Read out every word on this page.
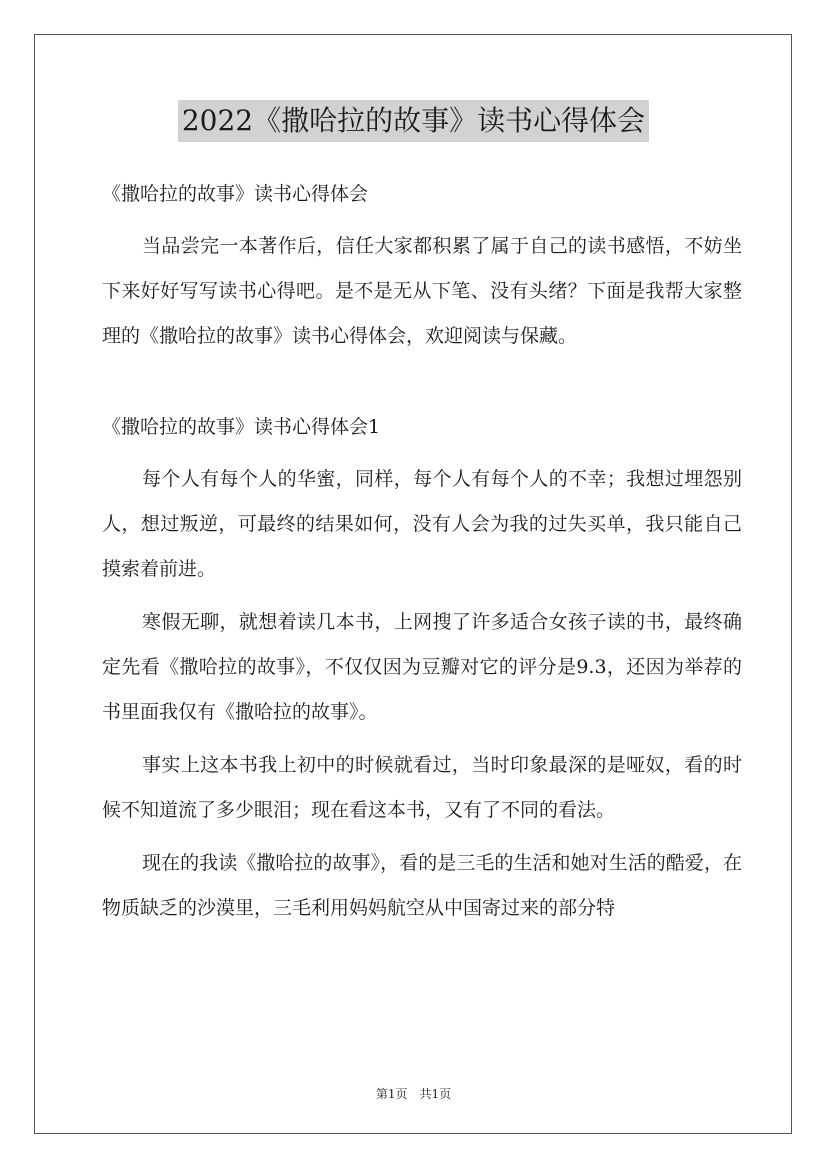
2022《撒哈拉的故事》读书心得体会

《撒哈拉的故事》读书心得体会

当品尝完一本著作后，信任大家都积累了属于自己的读书感悟，不妨坐下来好好写写读书心得吧。是不是无从下笔、没有头绪？下面是我帮大家整理的《撒哈拉的故事》读书心得体会，欢迎阅读与保藏。

《撒哈拉的故事》读书心得体会1

每个人有每个人的华蜜，同样，每个人有每个人的不幸；我想过埋怨别人，想过叛逆，可最终的结果如何，没有人会为我的过失买单，我只能自己摸索着前进。

寒假无聊，就想着读几本书，上网搜了许多适合女孩子读的书，最终确定先看《撒哈拉的故事》，不仅仅因为豆瓣对它的评分是9.3，还因为举荐的书里面我仅有《撒哈拉的故事》。

事实上这本书我上初中的时候就看过，当时印象最深的是哑奴，看的时候不知道流了多少眼泪；现在看这本书，又有了不同的看法。

现在的我读《撒哈拉的故事》，看的是三毛的生活和她对生活的酷爱，在物质缺乏的沙漠里，三毛利用妈妈航空从中国寄过来的部分特

第1页　共1页
